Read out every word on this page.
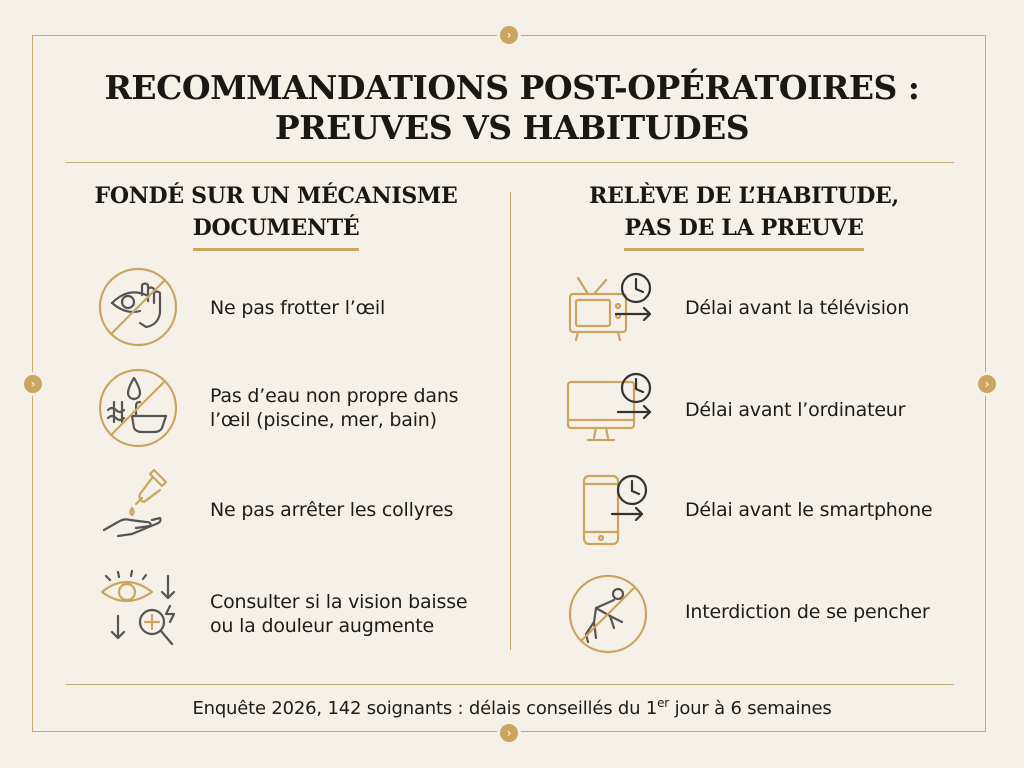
›
›
›	›
RECOMMANDATIONS POST-OPÉRATOIRES :
PREUVES VS HABITUDES
FONDÉ SUR UN MÉCANISME
DOCUMENTÉ
RELÈVE DE L’HABITUDE,
PAS DE LA PREUVE
Ne pas frotter l’œil
Pas d’eau non propre dans
l’œil (piscine, mer, bain)
Ne pas arrêter les collyres
Consulter si la vision baisse
ou la douleur augmente
Délai avant la télévision
Délai avant l’ordinateur
Délai avant le smartphone
Interdiction de se pencher
Enquête 2026, 142 soignants : délais conseillés du 1er jour à 6 semaines
